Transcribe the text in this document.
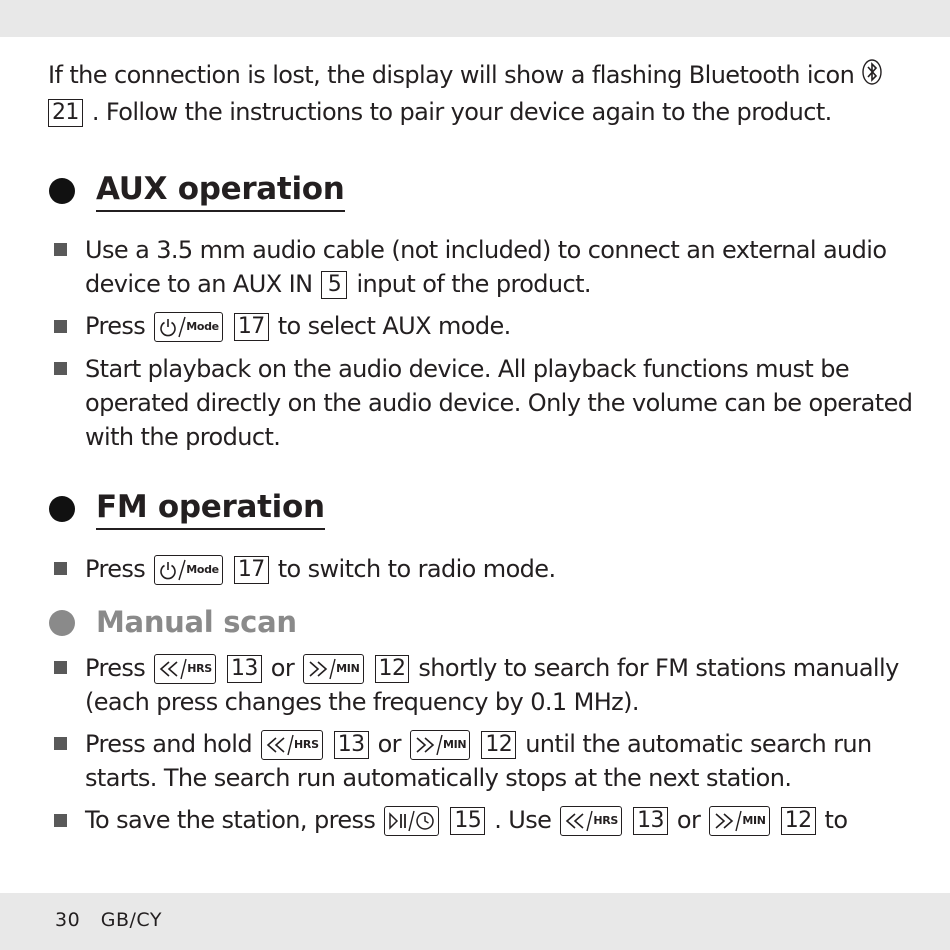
If the connection is lost, the display will show a flashing Bluetooth icon
21 . Follow the instructions to pair your device again to the product.
AUX operation
Use a 3.5 mm audio cable (not included) to connect an external audio device to an AUX IN 5 input of the product.
Press	Mode 17 to select AUX mode.
Start playback on the audio device. All playback functions must be operated directly on the audio device. Only the volume can be operated with the product.
FM operation
Press	Mode 17 to switch to radio mode.
Manual scan
Press	HRS 13 or	MIN 12 shortly to search for FM stations manually (each press changes the frequency by 0.1 MHz).
Press and hold	HRS 13 or	MIN 12 until the automatic search run starts. The search run automatically stops at the next station.
To save the station, press	15 . Use	HRS 13 or	MIN 12 to
30 GB/CY
